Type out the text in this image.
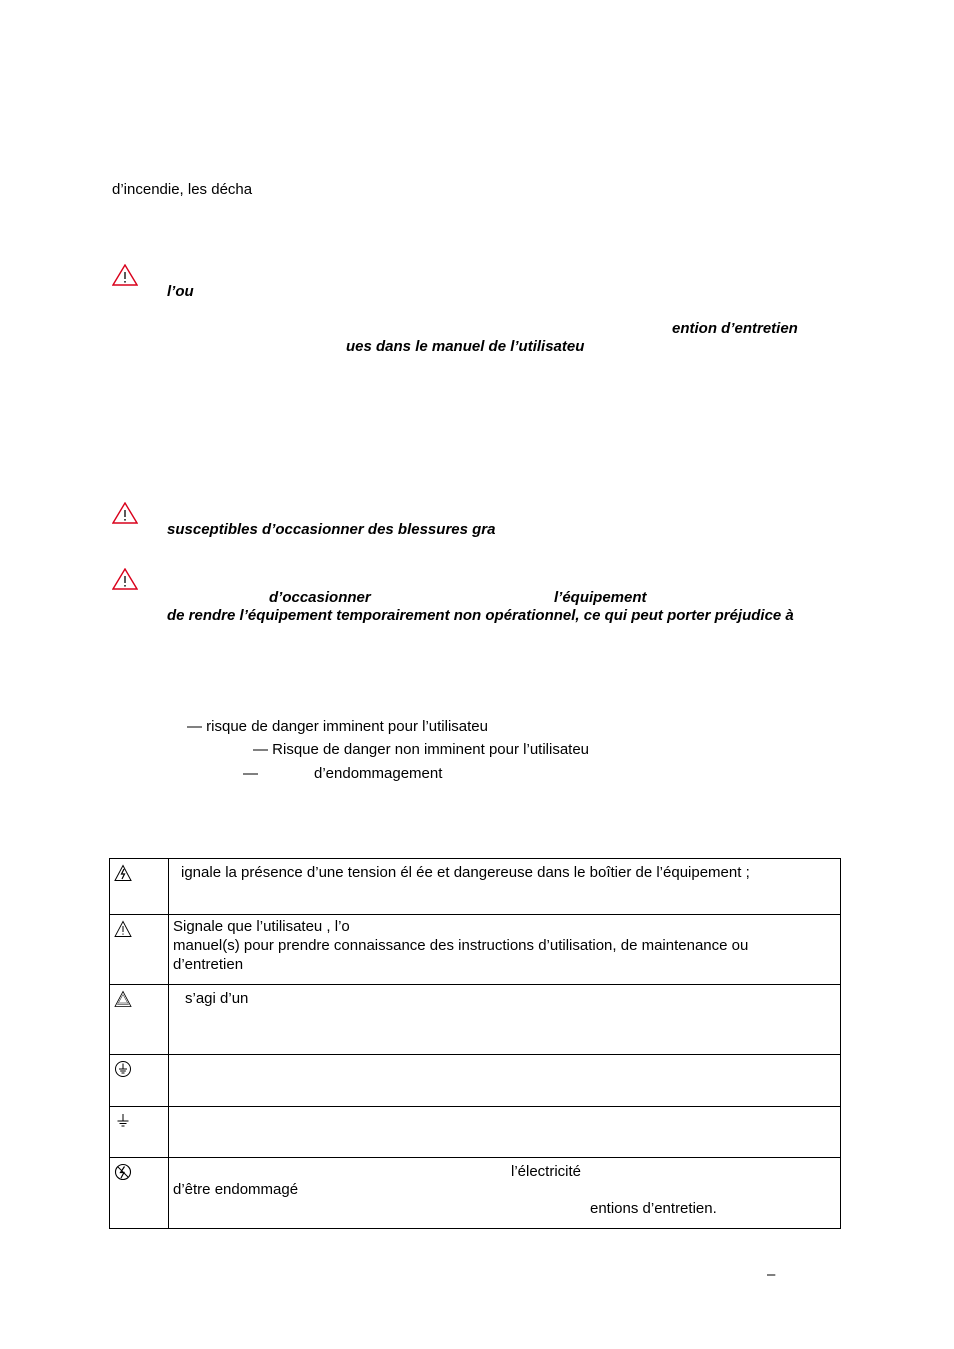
d’incendie, les décha
l’ou
ention d’entretien
ues dans le manuel de l’utilisateu
susceptibles d’occasionner des blessures gra
d’occasionner	l’équipement
de rendre l’équipement temporairement non opérationnel, ce qui peut porter préjudice à
— risque de danger imminent pour l’utilisateu
— Risque de danger non imminent pour l’utilisateu
—	d’endommagement

ignale la présence d’une tension él ée et dangereuse dans le boîtier de l’équipement ;

Signale que l’utilisateu , l’o
manuel(s) pour prendre connaissance des instructions d’utilisation, de maintenance ou
d’entretien

s’agi d’un

l’électricité
d’être endommagé
entions d’entretien.
–
